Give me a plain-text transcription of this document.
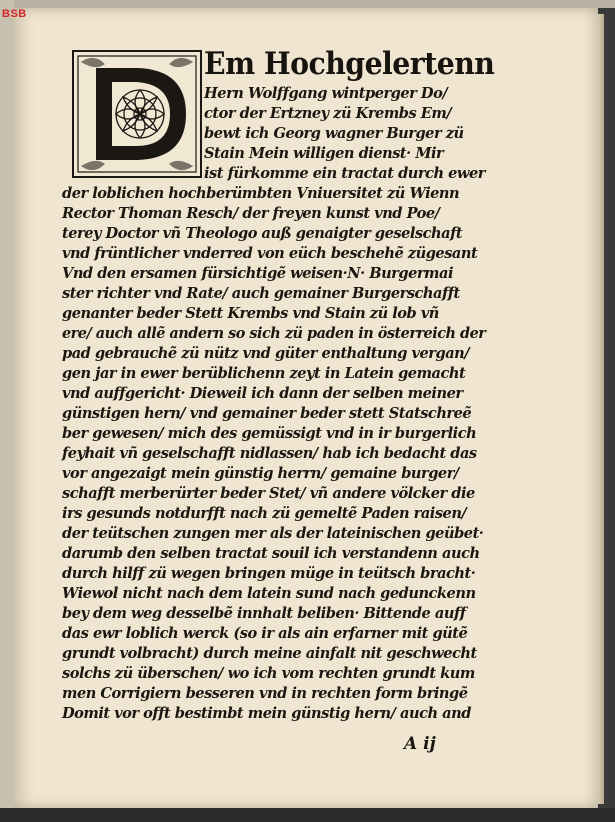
BSB
Em Hochgelertenn
Hern Wolffgang wintperger Do/
ctor der Ertzney zü Krembs Em/
bewt ich Georg wagner Burger zü
Stain Mein willigen dienst· Mir
ist fürkomme ein tractat durch ewer
der loblichen hochberümbten Vniuersitet zü Wienn
Rector Thoman Resch/ der freyen kunst vnd Poe/
terey Doctor vñ Theologo auß genaigter geselschaft
vnd früntlicher vnderred von eüch beschehẽ zügesant
Vnd den ersamen fürsichtigẽ weisen·N· Burgermai
ster richter vnd Rate/ auch gemainer Burgerschafft
genanter beder Stett Krembs vnd Stain zü lob vñ
ere/ auch allẽ andern so sich zü paden in österreich der
pad gebrauchẽ zü nütz vnd güter enthaltung vergan/
gen jar in ewer berüblichenn zeyt in Latein gemacht
vnd auffgericht· Dieweil ich dann der selben meiner
günstigen hern/ vnd gemainer beder stett Statschreẽ
ber gewesen/ mich des gemüssigt vnd in ir burgerlich
feyhait vñ geselschafft nidlassen/ hab ich bedacht das
vor angezaigt mein günstig herrn/ gemaine burger/
schafft merberürter beder Stet/ vñ andere völcker die
irs gesunds notdurfft nach zü gemeltẽ Paden raisen/
der teütschen zungen mer als der lateinischen geübet·
darumb den selben tractat souil ich verstandenn auch
durch hilff zü wegen bringen müge in teütsch bracht·
Wiewol nicht nach dem latein sund nach gedunckenn
bey dem weg desselbẽ innhalt beliben· Bittende auff
das ewr loblich werck (so ir als ain erfarner mit gütẽ
grundt volbracht) durch meine ainfalt nit geschwecht
solchs zü überschen/ wo ich vom rechten grundt kum
men Corrigiern besseren vnd in rechten form bringẽ
Domit vor offt bestimbt mein günstig hern/ auch and
A ij
